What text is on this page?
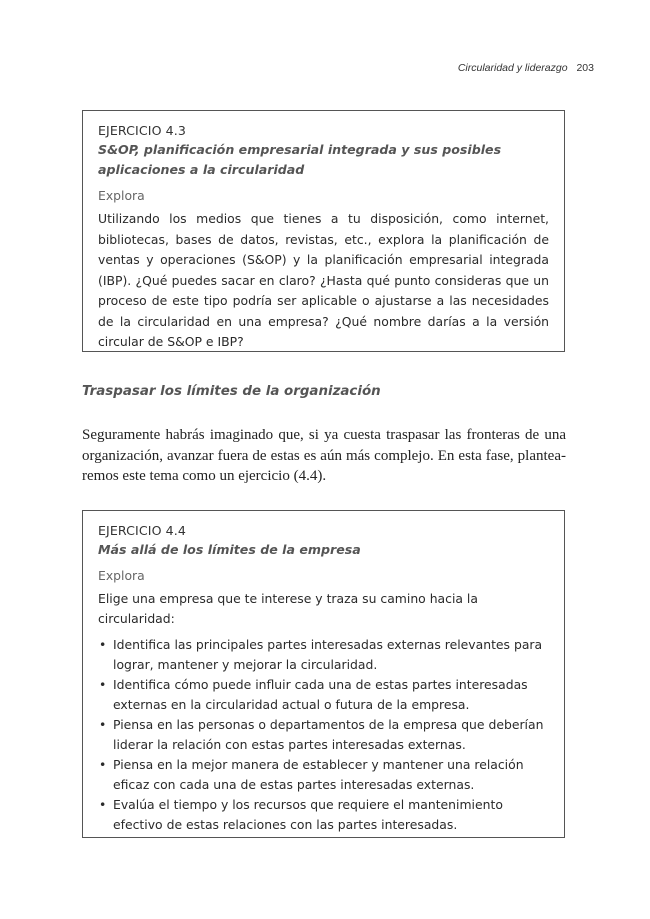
Circularidad y liderazgo 203
EJERCICIO 4.3
S&OP, planificación empresarial integrada y sus posibles aplicaciones a la circularidad
Explora

Utilizando los medios que tienes a tu disposición, como internet, bibliotecas, bases de datos, revistas, etc., explora la planificación de ventas y operaciones (S&OP) y la planificación empresarial integrada (IBP). ¿Qué puedes sacar en claro? ¿Hasta qué punto consideras que un proceso de este tipo podría ser aplicable o ajustarse a las necesidades de la circularidad en una empresa? ¿Qué nombre darías a la versión circular de S&OP e IBP?

Traspasar los límites de la organización

Seguramente habrás imaginado que, si ya cuesta traspasar las fronteras de una organización, avanzar fuera de estas es aún más complejo. En esta fase, plantearemos este tema como un ejercicio (4.4).

EJERCICIO 4.4
Más allá de los límites de la empresa
Explora
Elige una empresa que te interese y traza su camino hacia la circularidad:
• Identifica las principales partes interesadas externas relevantes para lograr, mantener y mejorar la circularidad.
• Identifica cómo puede influir cada una de estas partes interesadas externas en la circularidad actual o futura de la empresa.
• Piensa en las personas o departamentos de la empresa que deberían liderar la relación con estas partes interesadas externas.
• Piensa en la mejor manera de establecer y mantener una relación eficaz con cada una de estas partes interesadas externas.
• Evalúa el tiempo y los recursos que requiere el mantenimiento efectivo de estas relaciones con las partes interesadas.
